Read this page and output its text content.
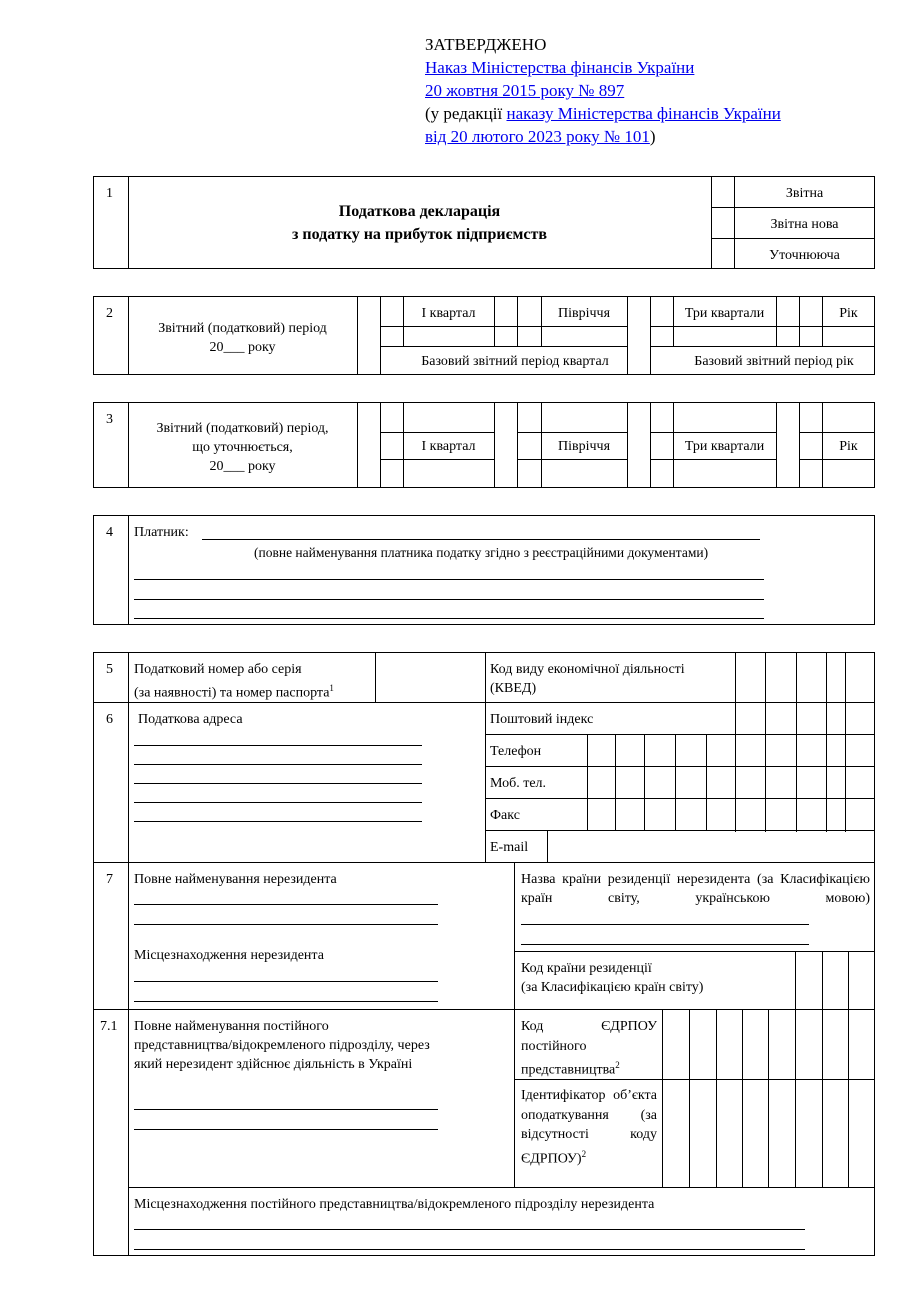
ЗАТВЕРДЖЕНО
Наказ Міністерства фінансів України
20 жовтня 2015 року № 897
(у редакції наказу Міністерства фінансів України
від 20 лютого 2023 року № 101)
1
Податкова декларація
з податку на прибуток підприємств
Звітна
Звітна нова
Уточнююча
2
Звітний (податковий) період
20___ року
І квартал	Півріччя	Три квартали	Рік
Базовий звітний період квартал	Базовий звітний період рік
3
Звітний (податковий) період,
що уточнюється,
20___ року
І квартал	Півріччя	Три квартали	Рік
4 Платник:
(повне найменування платника податку згідно з реєстраційними документами)
5 Податковий номер або серія
(за наявності) та номер паспорта$^1$
Код виду економічної діяльності
(КВЕД)
6 Податкова адреса	Поштовий індекс
Телефон
Моб. тел.
Факс
E-mail
7 Повне найменування нерезидента
Місцезнаходження нерезидента
Назва країни резиденції нерезидента (за Класифікацією країн світу, українською мовою)
Код країни резиденції
(за Класифікацією країн світу)
7.1 Повне найменування постійного
представництва/відокремленого підрозділу, через
який нерезидент здійснює діяльність в Україні
Код ЄДРПОУ постійного представництва$^2$
Ідентифікатор об’єкта оподаткування (за відсутності коду ЄДРПОУ)$^2$
Місцезнаходження постійного представництва/відокремленого підрозділу нерезидента
